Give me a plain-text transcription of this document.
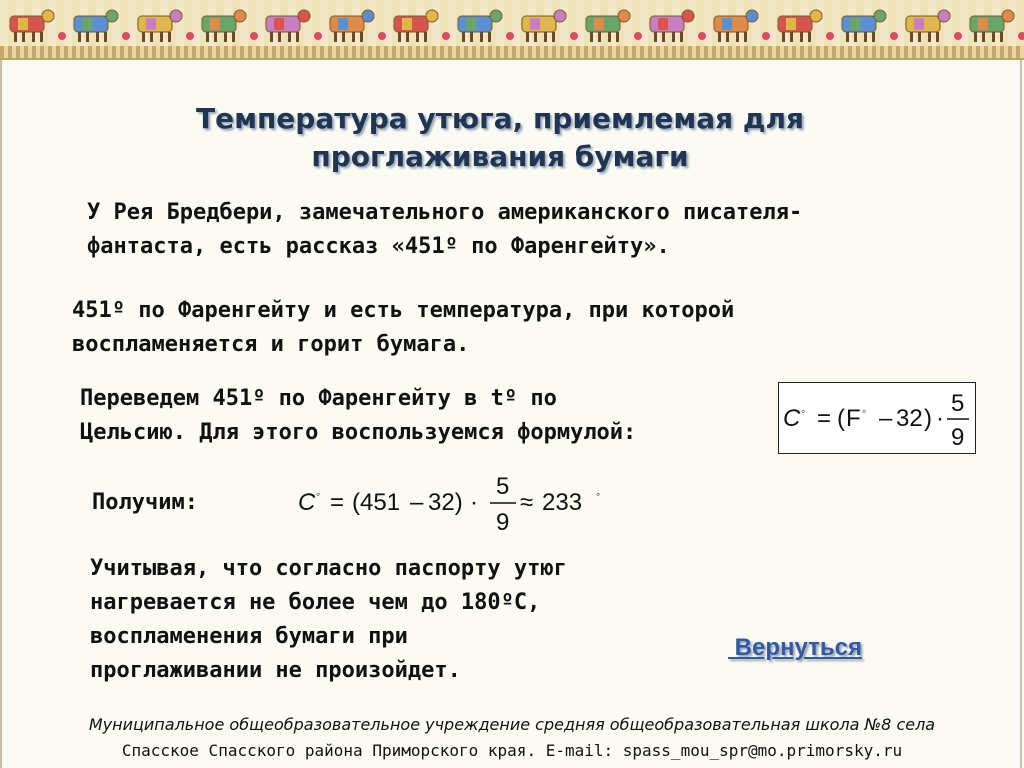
Температура утюга, приемлемая для
проглаживания бумаги
У Рея Бредбери, замечательного американского писателя-
фантаста, есть рассказ «451º по Фаренгейту».
451º по Фаренгейту и есть температура, при которой
воспламеняется и горит бумага.
Переведем 451º по Фаренгейту в tº по
Цельсию. Для этого воспользуемся формулой:
C ◦ = ( F ◦ – 32 ) ·
5
9
Получим:	C ◦ = (451 – 32) ·
5
9
≈ 233 ◦
Учитывая, что согласно паспорту утюг
нагревается не более чем до 180ºС,
воспламенения бумаги при
проглаживании не произойдет.
Вернуться
Муниципальное общеобразовательное учреждение средняя общеобразовательная школа №8 села
Спасское Спасского района Приморского края. E-mail: spass_mou_spr@mo.primorsky.ru
